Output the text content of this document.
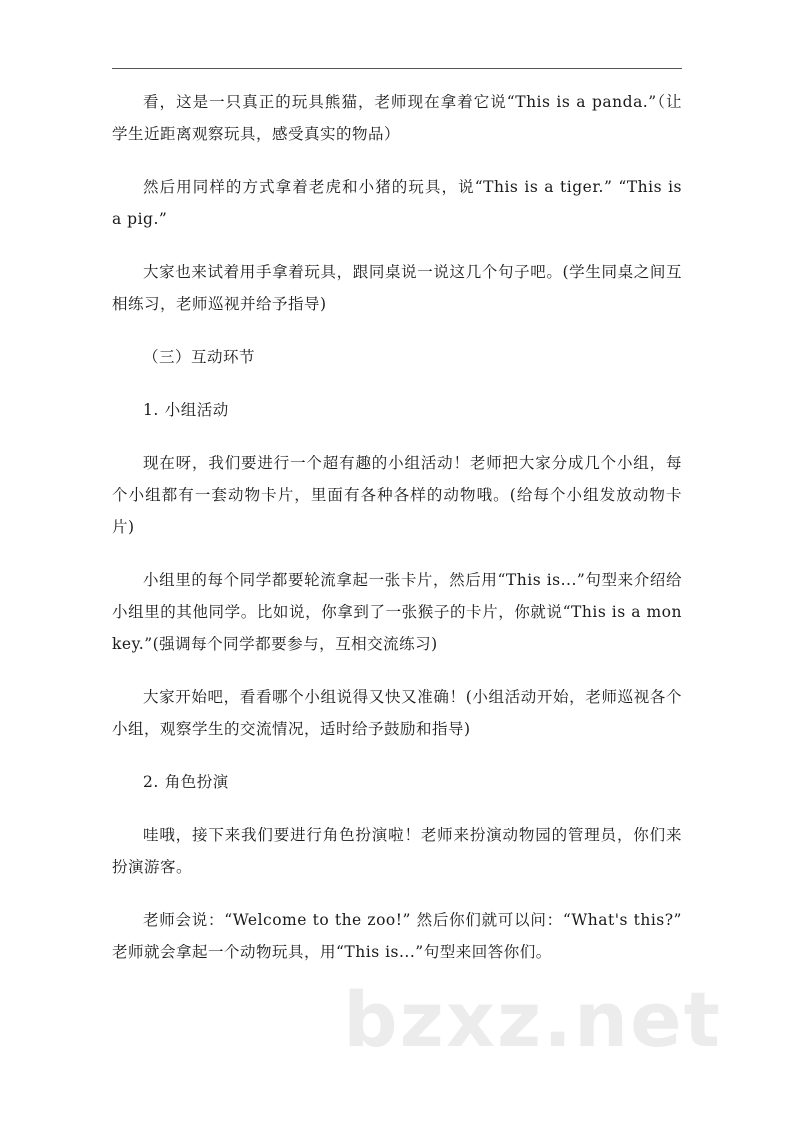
看，这是一只真正的玩具熊猫，老师现在拿着它说“This is a panda.”（让学生近距离观察玩具，感受真实的物品）

然后用同样的方式拿着老虎和小猪的玩具，说“This is a tiger.” “This is a pig.”

大家也来试着用手拿着玩具，跟同桌说一说这几个句子吧。(学生同桌之间互相练习，老师巡视并给予指导)

（三）互动环节

1. 小组活动

现在呀，我们要进行一个超有趣的小组活动！老师把大家分成几个小组，每个小组都有一套动物卡片，里面有各种各样的动物哦。(给每个小组发放动物卡片)

小组里的每个同学都要轮流拿起一张卡片，然后用“This is...”句型来介绍给小组里的其他同学。比如说，你拿到了一张猴子的卡片，你就说“This is a monkey.”(强调每个同学都要参与，互相交流练习)

大家开始吧，看看哪个小组说得又快又准确！(小组活动开始，老师巡视各个小组，观察学生的交流情况，适时给予鼓励和指导)

2. 角色扮演

哇哦，接下来我们要进行角色扮演啦！老师来扮演动物园的管理员，你们来扮演游客。

老师会说：“Welcome to the zoo!” 然后你们就可以问：“What's this?” 老师就会拿起一个动物玩具，用“This is...”句型来回答你们。

bzxz.net
